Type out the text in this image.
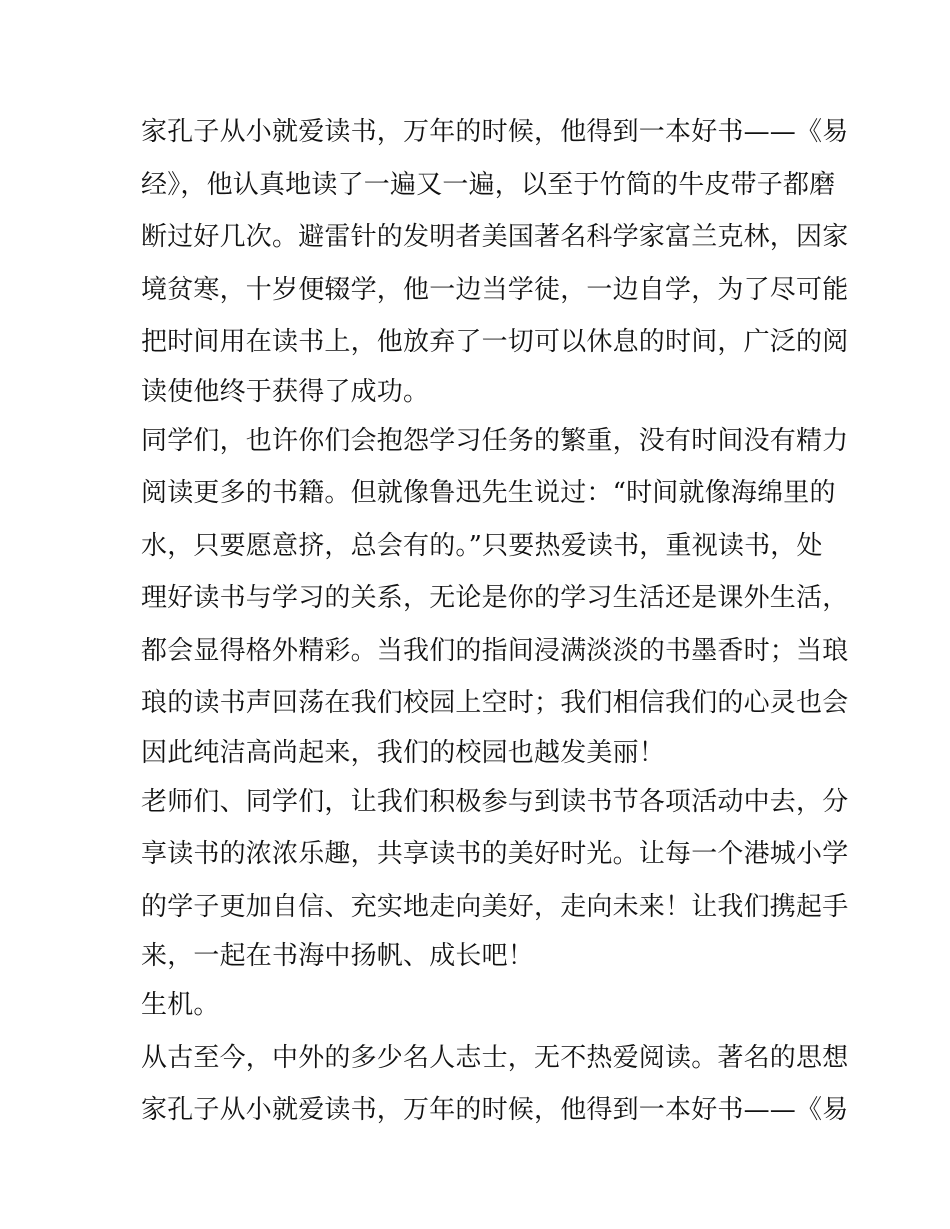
家孔子从小就爱读书，万年的时候，他得到一本好书——《易
经》，他认真地读了一遍又一遍，以至于竹简的牛皮带子都磨
断过好几次。避雷针的发明者美国著名科学家富兰克林，因家
境贫寒，十岁便辍学，他一边当学徒，一边自学，为了尽可能
把时间用在读书上，他放弃了一切可以休息的时间，广泛的阅
读使他终于获得了成功。
同学们，也许你们会抱怨学习任务的繁重，没有时间没有精力
阅读更多的书籍。但就像鲁迅先生说过：“时间就像海绵里的
水，只要愿意挤，总会有的。”只要热爱读书，重视读书，处
理好读书与学习的关系，无论是你的学习生活还是课外生活，
都会显得格外精彩。当我们的指间浸满淡淡的书墨香时；当琅
琅的读书声回荡在我们校园上空时；我们相信我们的心灵也会
因此纯洁高尚起来，我们的校园也越发美丽！
老师们、同学们，让我们积极参与到读书节各项活动中去，分
享读书的浓浓乐趣，共享读书的美好时光。让每一个港城小学
的学子更加自信、充实地走向美好，走向未来！让我们携起手
来，一起在书海中扬帆、成长吧！
生机。
从古至今，中外的多少名人志士，无不热爱阅读。著名的思想
家孔子从小就爱读书，万年的时候，他得到一本好书——《易
